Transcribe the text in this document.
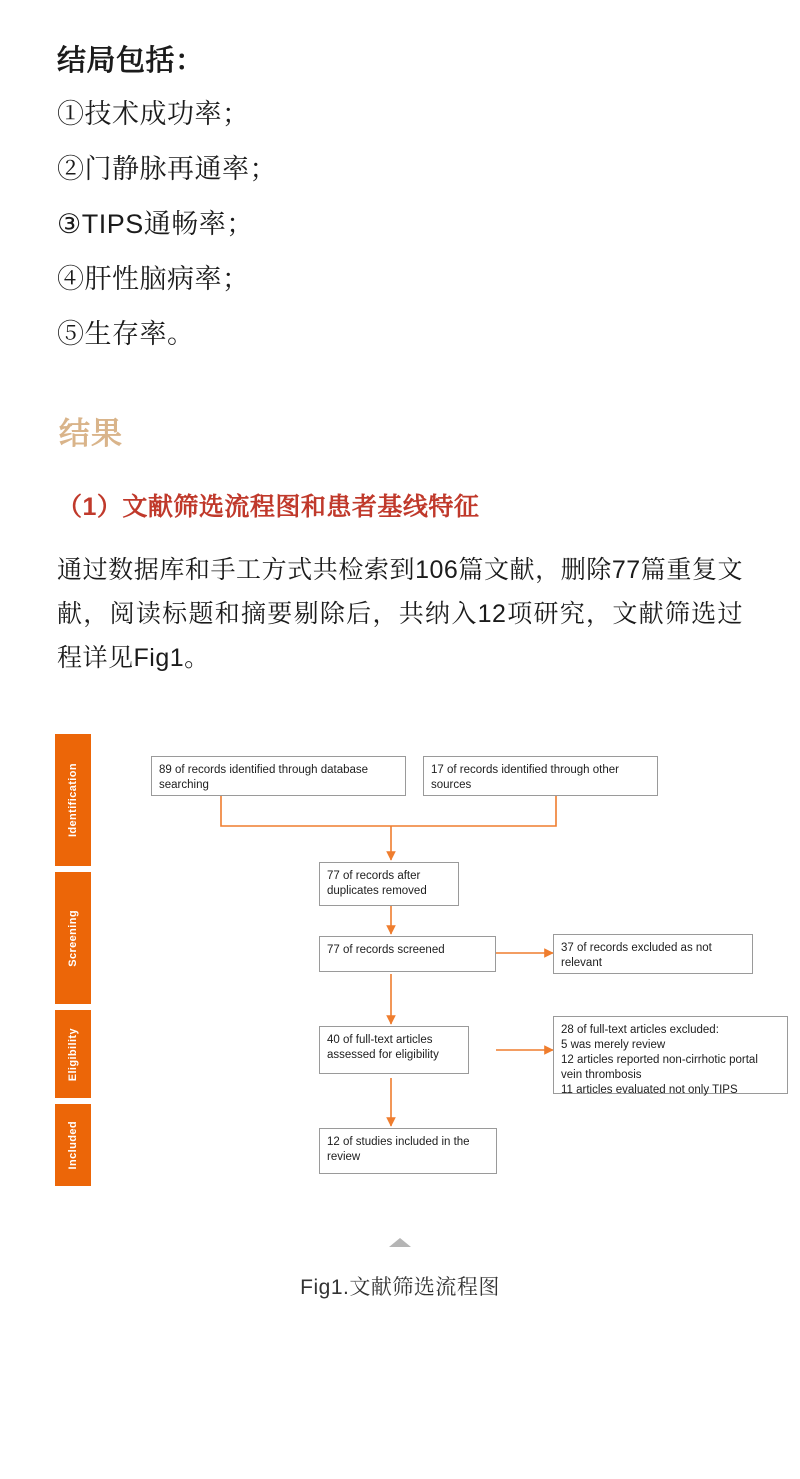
结局包括：
①技术成功率；
②门静脉再通率；
③TIPS通畅率；
④肝性脑病率；
⑤生存率。
结果
（1）文献筛选流程图和患者基线特征

通过数据库和手工方式共检索到106篇文献，删除77篇重复文献，阅读标题和摘要剔除后，共纳入12项研究，文献筛选过程详见Fig1。

Identification
Screening
Eligibility
Included
89 of records identified through database searching
17 of records identified through other sources
77 of records after duplicates removed
77 of records screened	37 of records excluded as not relevant
40 of full-text articles assessed for eligibility
28 of full-text articles excluded:
5 was merely review
12 articles reported non-cirrhotic portal vein thrombosis
11 articles evaluated not only TIPS
12 of studies included in the review
Fig1.文献筛选流程图
